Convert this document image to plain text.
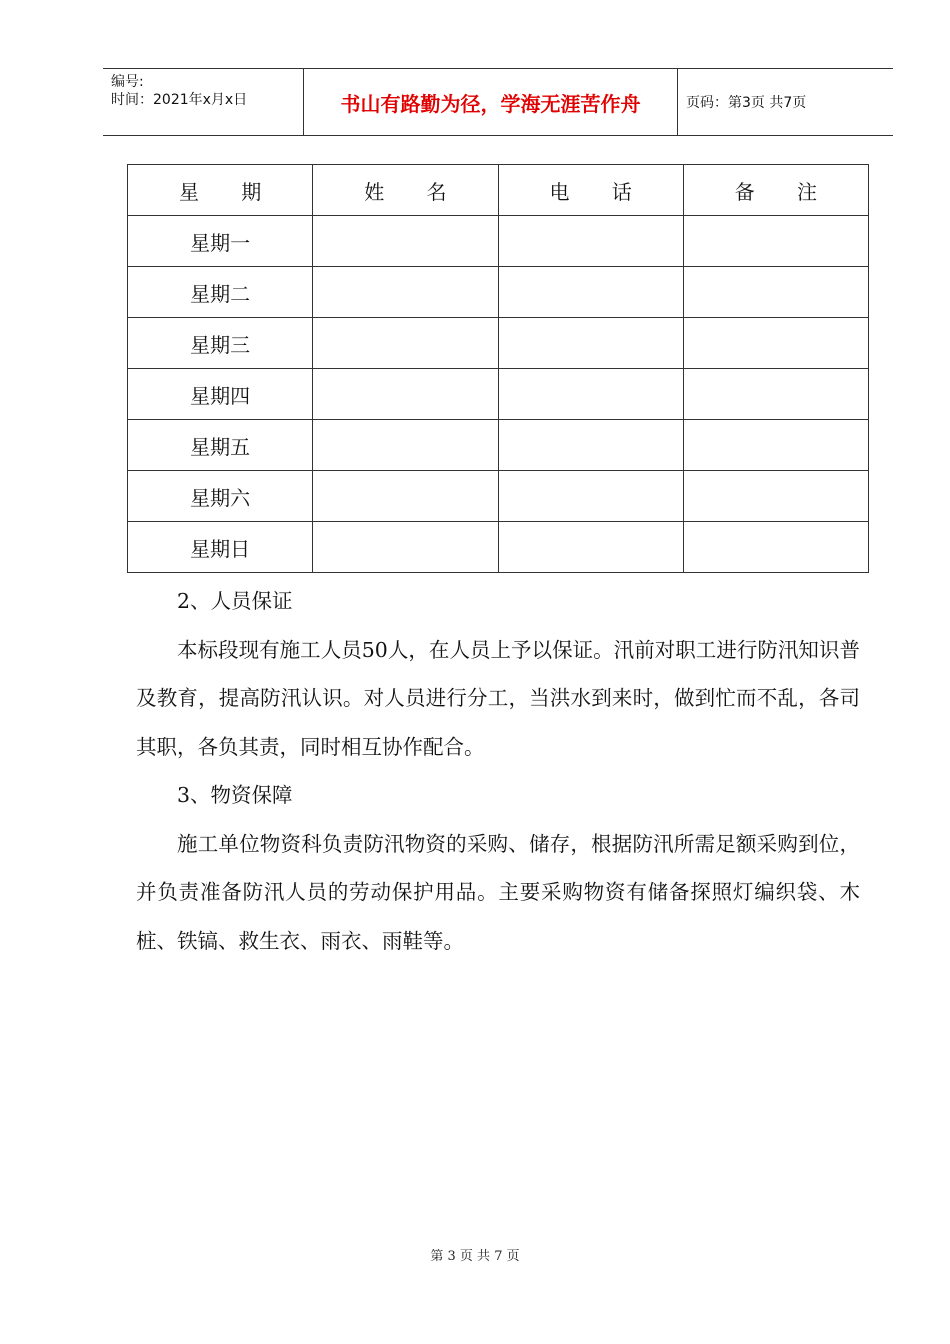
编号:
时间：2021年x月x日	书山有路勤为径，学海无涯苦作舟	页码：第3页 共7页
星 期	姓 名	电 话	备 注
星期一			
星期二			
星期三			
星期四			
星期五			
星期六			
星期日			

2、人员保证

本标段现有施工人员50人，在人员上予以保证。汛前对职工进行防汛知识普及教育，提高防汛认识。对人员进行分工，当洪水到来时，做到忙而不乱，各司其职，各负其责，同时相互协作配合。

3、物资保障

施工单位物资科负责防汛物资的采购、储存，根据防汛所需足额采购到位，并负责准备防汛人员的劳动保护用品。主要采购物资有储备探照灯编织袋、木桩、铁镐、救生衣、雨衣、雨鞋等。

第 3 页 共 7 页
